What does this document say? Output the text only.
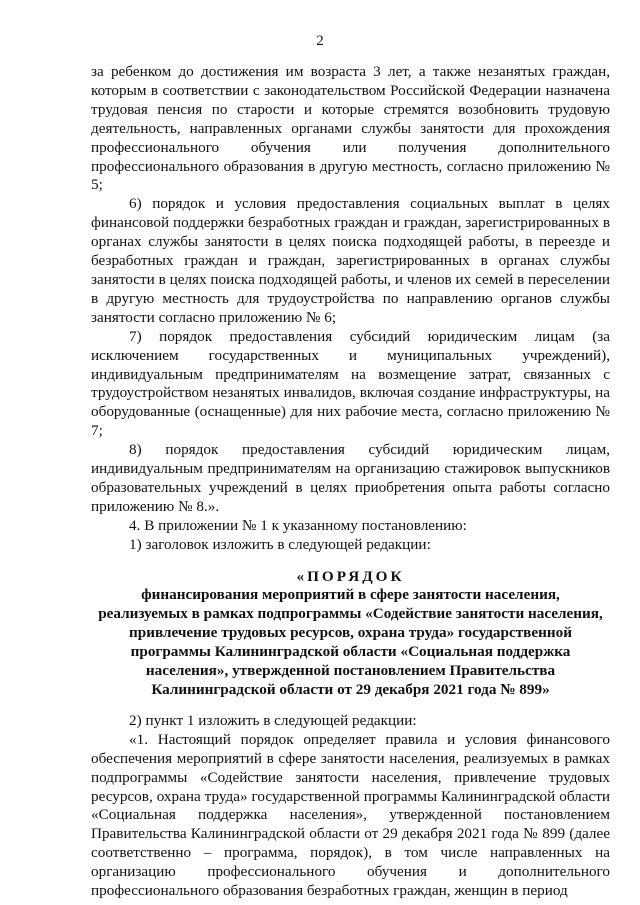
2

за ребенком до достижения им возраста 3 лет, а также незанятых граждан, которым в соответствии с законодательством Российской Федерации назначена трудовая пенсия по старости и которые стремятся возобновить трудовую деятельность, направленных органами службы занятости для прохождения профессионального обучения или получения дополнительного профессионального образования в другую местность, согласно приложению № 5;

6) порядок и условия предоставления социальных выплат в целях финансовой поддержки безработных граждан и граждан, зарегистрированных в органах службы занятости в целях поиска подходящей работы, в переезде и безработных граждан и граждан, зарегистрированных в органах службы занятости в целях поиска подходящей работы, и членов их семей в переселении в другую местность для трудоустройства по направлению органов службы занятости согласно приложению № 6;

7) порядок предоставления субсидий юридическим лицам (за исключением государственных и муниципальных учреждений), индивидуальным предпринимателям на возмещение затрат, связанных с трудоустройством незанятых инвалидов, включая создание инфраструктуры, на оборудованные (оснащенные) для них рабочие места, согласно приложению № 7;

8) порядок предоставления субсидий юридическим лицам, индивидуальным предпринимателям на организацию стажировок выпускников образовательных учреждений в целях приобретения опыта работы согласно приложению № 8.».

4. В приложении № 1 к указанному постановлению:

1) заголовок изложить в следующей редакции:

«ПОРЯДОК
финансирования мероприятий в сфере занятости населения,
реализуемых в рамках подпрограммы «Содействие занятости населения,
привлечение трудовых ресурсов, охрана труда» государственной
программы Калининградской области «Социальная поддержка
населения», утвержденной постановлением Правительства
Калининградской области от 29 декабря 2021 года № 899»

2) пункт 1 изложить в следующей редакции:

«1. Настоящий порядок определяет правила и условия финансового обеспечения мероприятий в сфере занятости населения, реализуемых в рамках подпрограммы «Содействие занятости населения, привлечение трудовых ресурсов, охрана труда» государственной программы Калининградской области «Социальная поддержка населения», утвержденной постановлением Правительства Калининградской области от 29 декабря 2021 года № 899 (далее соответственно – программа, порядок), в том числе направленных на организацию профессионального обучения и дополнительного профессионального образования безработных граждан, женщин в период
